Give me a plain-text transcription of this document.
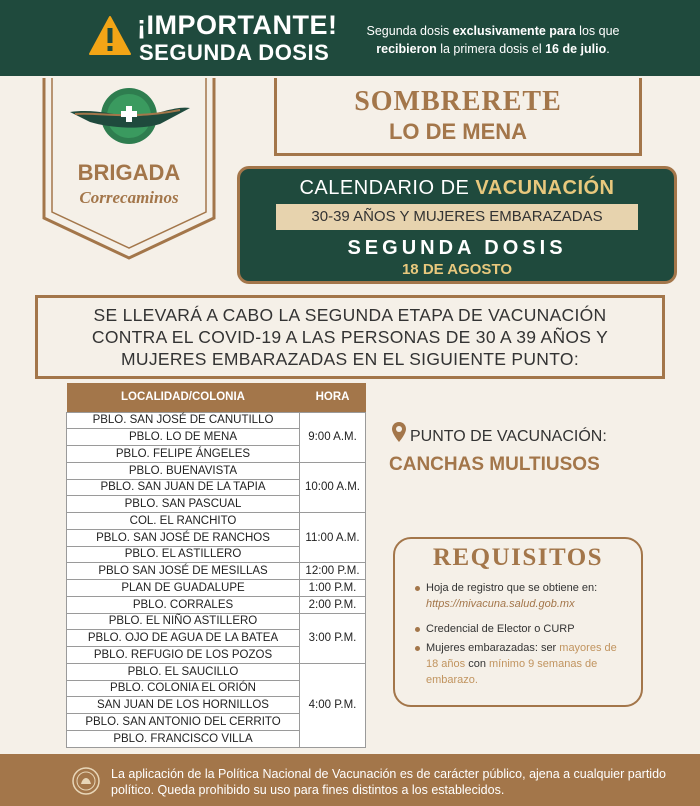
¡IMPORTANTE!
SEGUNDA DOSIS
Segunda dosis exclusivamente para los que
recibieron la primera dosis el 16 de julio.
BRIGADA
Correcaminos
SOMBRERETE
LO DE MENA
CALENDARIO DE VACUNACIÓN
30-39 AÑOS Y MUJERES EMBARAZADAS
SEGUNDA DOSIS
18 DE AGOSTO
SE LLEVARÁ A CABO LA SEGUNDA ETAPA DE VACUNACIÓN
CONTRA EL COVID-19 A LAS PERSONAS DE 30 A 39 AÑOS Y
MUJERES EMBARAZADAS EN EL SIGUIENTE PUNTO:
LOCALIDAD/COLONIA	HORA
PBLO. SAN JOSÉ DE CANUTILLO	9:00 A.M.
PBLO. LO DE MENA	
PBLO. FELIPE ÁNGELES	
PBLO. BUENAVISTA	10:00 A.M.
PBLO. SAN JUAN DE LA TAPIA	
PBLO. SAN PASCUAL	
COL. EL RANCHITO	11:00 A.M.
PBLO. SAN JOSÉ DE RANCHOS	
PBLO. EL ASTILLERO	
PBLO SAN JOSÉ DE MESILLAS	12:00 P.M.
PLAN DE GUADALUPE	1:00 P.M.
PBLO. CORRALES	2:00 P.M.
PBLO. EL NIÑO ASTILLERO	3:00 P.M.
PBLO. OJO DE AGUA DE LA BATEA	
PBLO. REFUGIO DE LOS POZOS	
PBLO. EL SAUCILLO	4:00 P.M.
PBLO. COLONIA EL ORIÓN	
SAN JUAN DE LOS HORNILLOS	
PBLO. SAN ANTONIO DEL CERRITO	
PBLO. FRANCISCO VILLA	
PUNTO DE VACUNACIÓN:
CANCHAS MULTIUSOS
REQUISITOS
Hoja de registro que se obtiene en: https://mivacuna.salud.gob.mx
Credencial de Elector o CURP
Mujeres embarazadas: ser mayores de 18 años con mínimo 9 semanas de embarazo.
La aplicación de la Política Nacional de Vacunación es de carácter público, ajena a cualquier partido político. Queda prohibido su uso para fines distintos a los establecidos.
